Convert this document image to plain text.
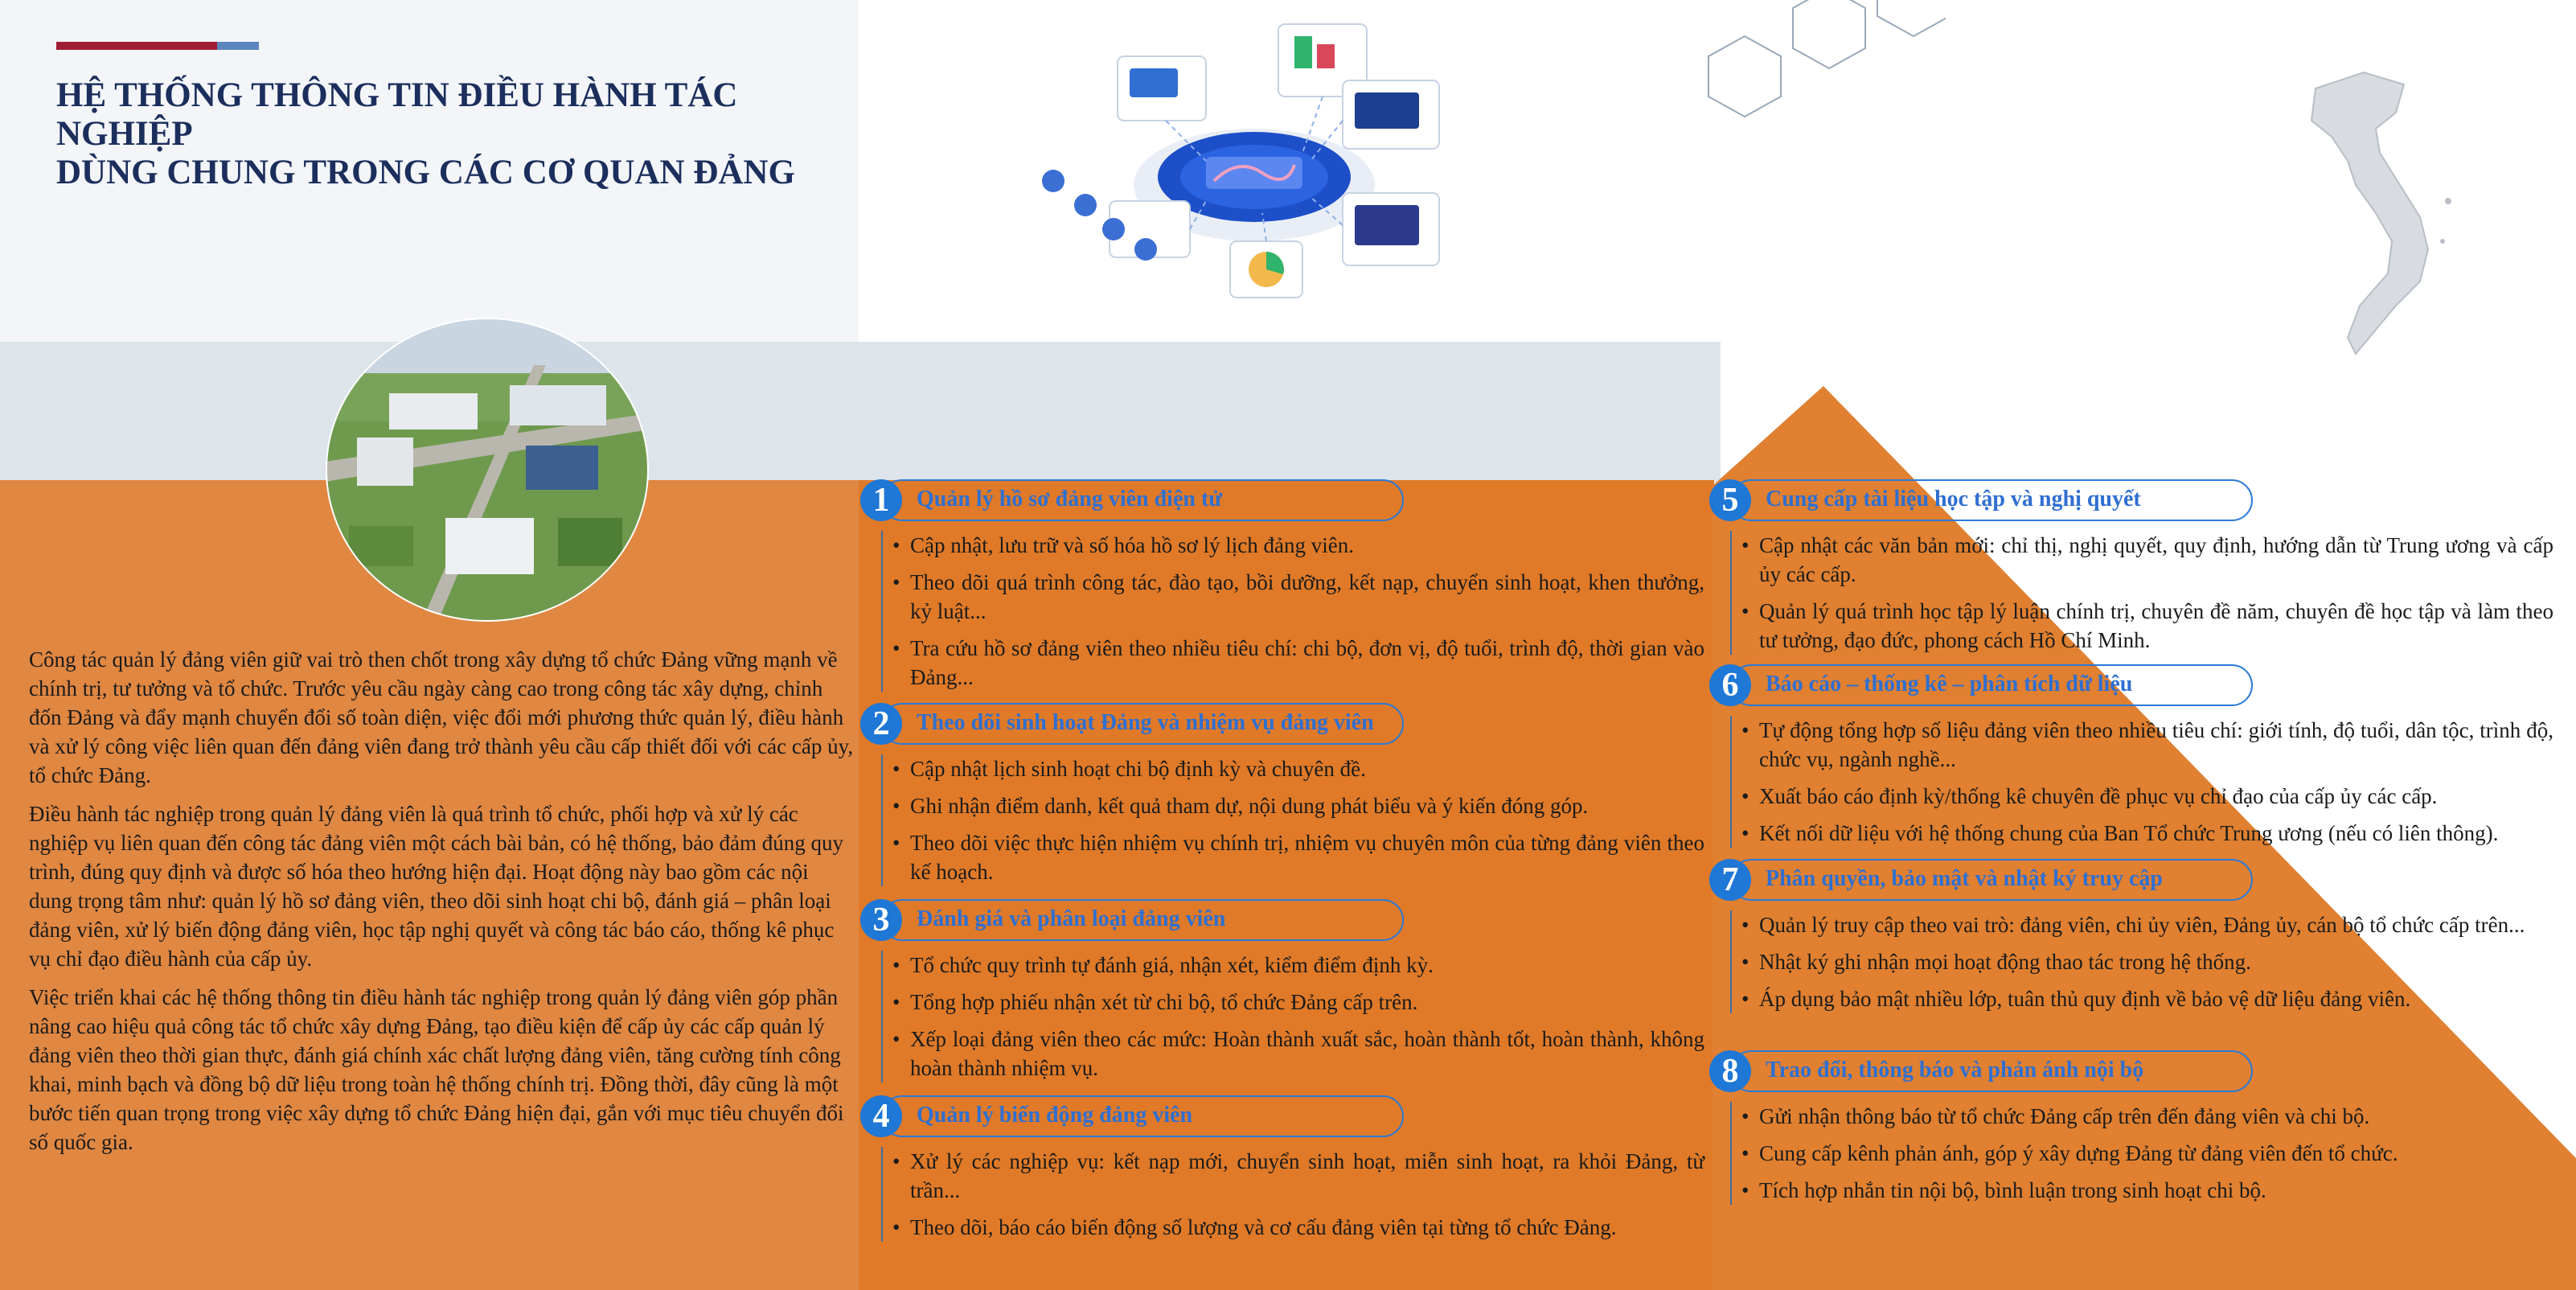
HỆ THỐNG THÔNG TIN ĐIỀU HÀNH TÁC NGHIỆP
DÙNG CHUNG TRONG CÁC CƠ QUAN ĐẢNG

Công tác quản lý đảng viên giữ vai trò then chốt trong xây dựng tổ chức Đảng vững mạnh về chính trị, tư tưởng và tổ chức. Trước yêu cầu ngày càng cao trong công tác xây dựng, chỉnh đốn Đảng và đẩy mạnh chuyển đổi số toàn diện, việc đổi mới phương thức quản lý, điều hành và xử lý công việc liên quan đến đảng viên đang trở thành yêu cầu cấp thiết đối với các cấp ủy, tổ chức Đảng.

Điều hành tác nghiệp trong quản lý đảng viên là quá trình tổ chức, phối hợp và xử lý các nghiệp vụ liên quan đến công tác đảng viên một cách bài bản, có hệ thống, bảo đảm đúng quy trình, đúng quy định và được số hóa theo hướng hiện đại. Hoạt động này bao gồm các nội dung trọng tâm như: quản lý hồ sơ đảng viên, theo dõi sinh hoạt chi bộ, đánh giá – phân loại đảng viên, xử lý biến động đảng viên, học tập nghị quyết và công tác báo cáo, thống kê phục vụ chỉ đạo điều hành của cấp ủy.

Việc triển khai các hệ thống thông tin điều hành tác nghiệp trong quản lý đảng viên góp phần nâng cao hiệu quả công tác tổ chức xây dựng Đảng, tạo điều kiện để cấp ủy các cấp quản lý đảng viên theo thời gian thực, đánh giá chính xác chất lượng đảng viên, tăng cường tính công khai, minh bạch và đồng bộ dữ liệu trong toàn hệ thống chính trị. Đồng thời, đây cũng là một bước tiến quan trọng trong việc xây dựng tổ chức Đảng hiện đại, gắn với mục tiêu chuyển đổi số quốc gia.

1	Quản lý hồ sơ đảng viên điện tử
• Cập nhật, lưu trữ và số hóa hồ sơ lý lịch đảng viên.
• Theo dõi quá trình công tác, đào tạo, bồi dưỡng, kết nạp, chuyển sinh hoạt, khen thưởng, kỷ luật...
• Tra cứu hồ sơ đảng viên theo nhiều tiêu chí: chi bộ, đơn vị, độ tuổi, trình độ, thời gian vào Đảng...
2	Theo dõi sinh hoạt Đảng và nhiệm vụ đảng viên
• Cập nhật lịch sinh hoạt chi bộ định kỳ và chuyên đề.
• Ghi nhận điểm danh, kết quả tham dự, nội dung phát biểu và ý kiến đóng góp.
• Theo dõi việc thực hiện nhiệm vụ chính trị, nhiệm vụ chuyên môn của từng đảng viên theo kế hoạch.
3	Đánh giá và phân loại đảng viên
• Tổ chức quy trình tự đánh giá, nhận xét, kiểm điểm định kỳ.
• Tổng hợp phiếu nhận xét từ chi bộ, tổ chức Đảng cấp trên.
• Xếp loại đảng viên theo các mức: Hoàn thành xuất sắc, hoàn thành tốt, hoàn thành, không hoàn thành nhiệm vụ.
4	Quản lý biến động đảng viên
• Xử lý các nghiệp vụ: kết nạp mới, chuyển sinh hoạt, miễn sinh hoạt, ra khỏi Đảng, từ trần...
• Theo dõi, báo cáo biến động số lượng và cơ cấu đảng viên tại từng tổ chức Đảng.
5	Cung cấp tài liệu học tập và nghị quyết
• Cập nhật các văn bản mới: chỉ thị, nghị quyết, quy định, hướng dẫn từ Trung ương và cấp ủy các cấp.
• Quản lý quá trình học tập lý luận chính trị, chuyên đề năm, chuyên đề học tập và làm theo tư tưởng, đạo đức, phong cách Hồ Chí Minh.
6	Báo cáo – thống kê – phân tích dữ liệu
• Tự động tổng hợp số liệu đảng viên theo nhiều tiêu chí: giới tính, độ tuổi, dân tộc, trình độ, chức vụ, ngành nghề...
• Xuất báo cáo định kỳ/thống kê chuyên đề phục vụ chỉ đạo của cấp ủy các cấp.
• Kết nối dữ liệu với hệ thống chung của Ban Tổ chức Trung ương (nếu có liên thông).
7	Phân quyền, bảo mật và nhật ký truy cập
• Quản lý truy cập theo vai trò: đảng viên, chi ủy viên, Đảng ủy, cán bộ tổ chức cấp trên...
• Nhật ký ghi nhận mọi hoạt động thao tác trong hệ thống.
• Áp dụng bảo mật nhiều lớp, tuân thủ quy định về bảo vệ dữ liệu đảng viên.
8	Trao đổi, thông báo và phản ánh nội bộ
• Gửi nhận thông báo từ tổ chức Đảng cấp trên đến đảng viên và chi bộ.
• Cung cấp kênh phản ánh, góp ý xây dựng Đảng từ đảng viên đến tổ chức.
• Tích hợp nhắn tin nội bộ, bình luận trong sinh hoạt chi bộ.
